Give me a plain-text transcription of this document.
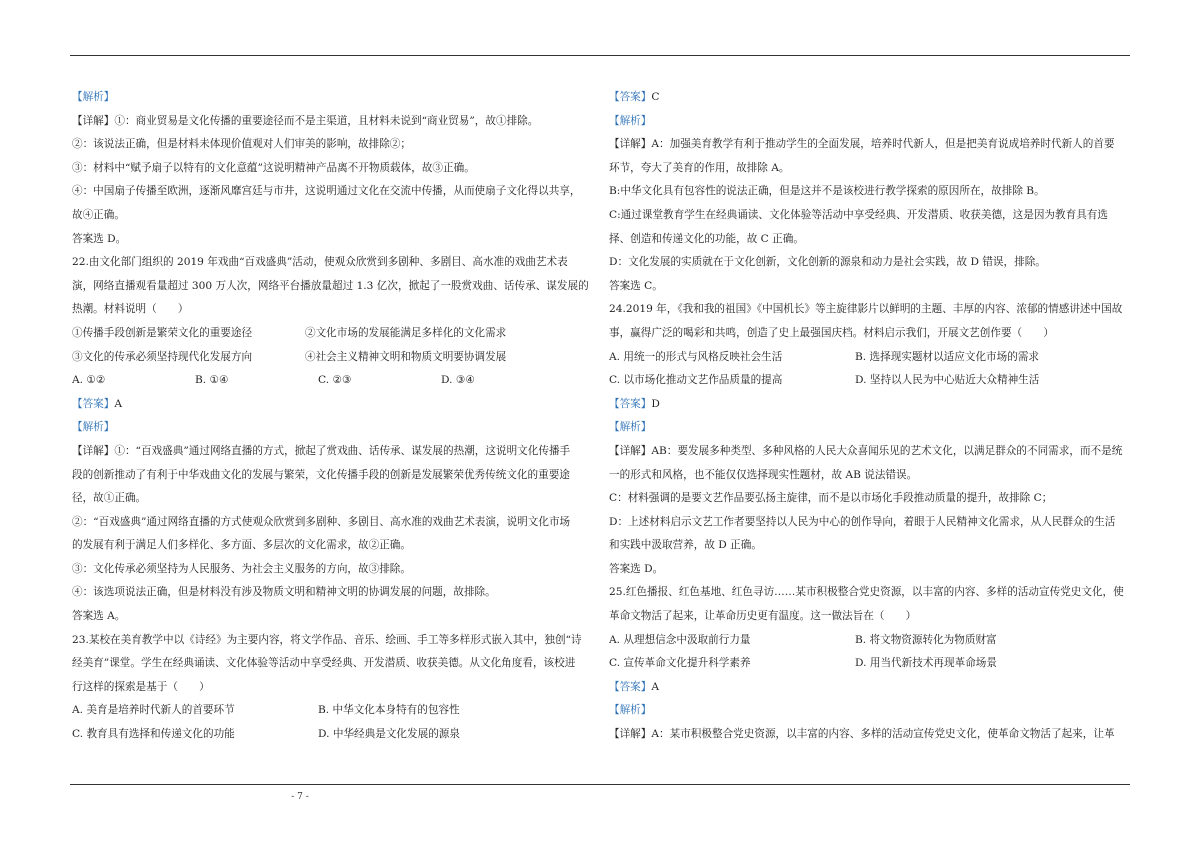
【解析】
【详解】①：商业贸易是文化传播的重要途径而不是主渠道，且材料未说到“商业贸易”，故①排除。
②：该说法正确，但是材料未体现价值观对人们审美的影响，故排除②；
③：材料中“赋予扇子以特有的文化意蕴”这说明精神产品离不开物质载体，故③正确。
④：中国扇子传播至欧洲，逐渐风靡宫廷与市井，这说明通过文化在交流中传播，从而使扇子文化得以共享，
故④正确。
答案选 D。
22.由文化部门组织的 2019 年戏曲“百戏盛典”活动，使观众欣赏到多剧种、多剧目、高水准的戏曲艺术表
演，网络直播观看量超过 300 万人次，网络平台播放量超过 1.3 亿次，掀起了一股赏戏曲、话传承、谋发展的
热潮。材料说明（　　）
①传播手段创新是繁荣文化的重要途径	②文化市场的发展能满足多样化的文化需求
③文化的传承必须坚持现代化发展方向	④社会主义精神文明和物质文明要协调发展
A. ①②	B. ①④	C. ②③	D. ③④
【答案】A
【解析】
【详解】①：“百戏盛典”通过网络直播的方式，掀起了赏戏曲、话传承、谋发展的热潮，这说明文化传播手
段的创新推动了有利于中华戏曲文化的发展与繁荣，文化传播手段的创新是发展繁荣优秀传统文化的重要途
径，故①正确。
②：“百戏盛典”通过网络直播的方式使观众欣赏到多剧种、多剧目、高水准的戏曲艺术表演，说明文化市场
的发展有利于满足人们多样化、多方面、多层次的文化需求，故②正确。
③：文化传承必须坚持为人民服务、为社会主义服务的方向，故③排除。
④：该选项说法正确，但是材料没有涉及物质文明和精神文明的协调发展的问题，故排除。
答案选 A。
23.某校在美育教学中以《诗经》为主要内容，将文学作品、音乐、绘画、手工等多样形式嵌入其中，独创“诗
经美育”课堂。学生在经典诵读、文化体验等活动中享受经典、开发潜质、收获美德。从文化角度看，该校进
行这样的探索是基于（　　）
A. 美育是培养时代新人的首要环节	B. 中华文化本身特有的包容性
C. 教育具有选择和传递文化的功能	D. 中华经典是文化发展的源泉
【答案】C
【解析】
【详解】A：加强美育教学有利于推动学生的全面发展，培养时代新人，但是把美育说成培养时代新人的首要
环节，夸大了美育的作用，故排除 A。
B:中华文化具有包容性的说法正确，但是这并不是该校进行教学探索的原因所在，故排除 B。
C:通过课堂教育学生在经典诵读、文化体验等活动中享受经典、开发潜质、收获美德，这是因为教育具有选
择、创造和传递文化的功能，故 C 正确。
D：文化发展的实质就在于文化创新，文化创新的源泉和动力是社会实践，故 D 错误，排除。
答案选 C。
24.2019 年，《我和我的祖国》《中国机长》等主旋律影片以鲜明的主题、丰厚的内容、浓郁的情感讲述中国故
事，赢得广泛的喝彩和共鸣，创造了史上最强国庆档。材料启示我们，开展文艺创作要（　　）
A. 用统一的形式与风格反映社会生活	B. 选择现实题材以适应文化市场的需求
C. 以市场化推动文艺作品质量的提高	D. 坚持以人民为中心贴近大众精神生活
【答案】D
【解析】
【详解】AB：要发展多种类型、多种风格的人民大众喜闻乐见的艺术文化，以满足群众的不同需求，而不是统
一的形式和风格，也不能仅仅选择现实性题材，故 AB 说法错误。
C：材料强调的是要文艺作品要弘扬主旋律，而不是以市场化手段推动质量的提升，故排除 C；
D：上述材料启示文艺工作者要坚持以人民为中心的创作导向，着眼于人民精神文化需求，从人民群众的生活
和实践中汲取营养，故 D 正确。
答案选 D。
25.红色播报、红色基地、红色寻访……某市积极整合党史资源，以丰富的内容、多样的活动宣传党史文化，使
革命文物活了起来，让革命历史更有温度。这一做法旨在（　　）
A. 从理想信念中汲取前行力量	B. 将文物资源转化为物质财富
C. 宣传革命文化提升科学素养	D. 用当代新技术再现革命场景
【答案】A
【解析】
【详解】A：某市积极整合党史资源，以丰富的内容、多样的活动宣传党史文化，使革命文物活了起来，让革
- 7 -
